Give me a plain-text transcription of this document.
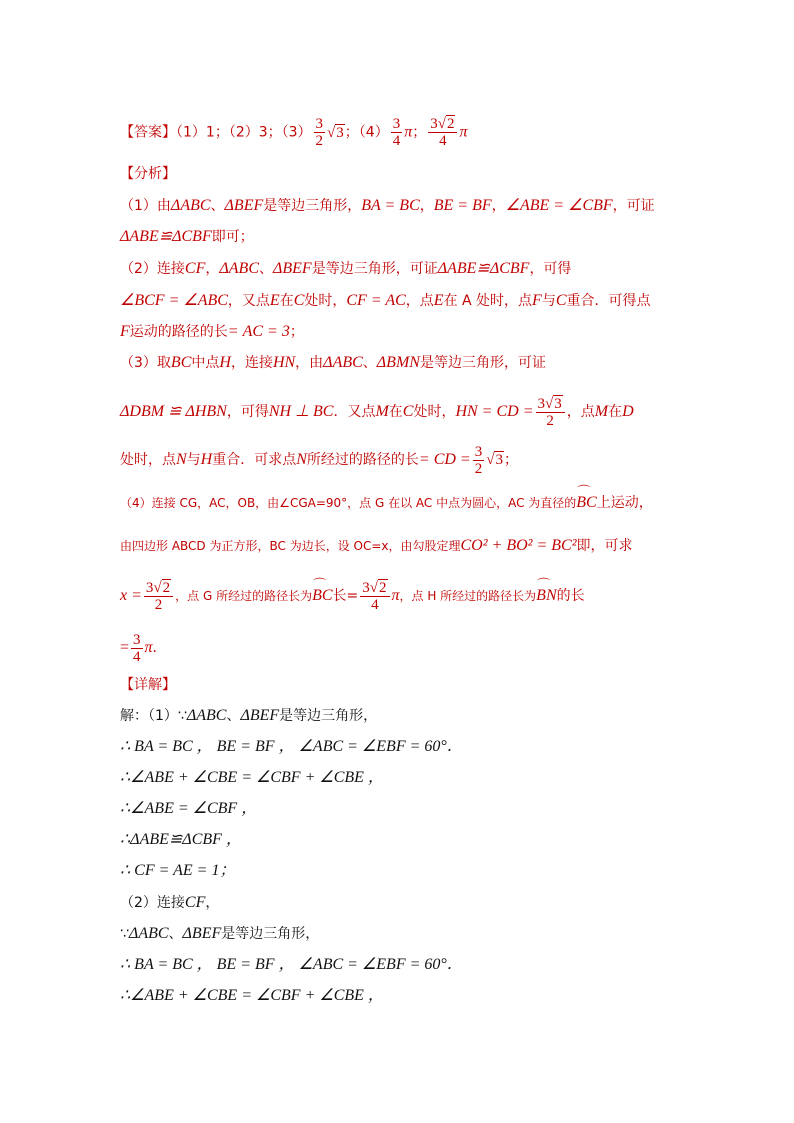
【答案】（1）1；（2）3；$(3) \frac{3}{2} √3$；$(4) \frac{3}{4}$ π； $\frac{3√2}{4}$ π
【分析】
（1）由ΔABC、ΔBEF是等边三角形，BA = BC，BE = BF，∠ABE = ∠CBF，可证
ΔABE≌ΔCBF即可；
（2）连接CF，ΔABC、ΔBEF是等边三角形，可证ΔABE≌ΔCBF，可得
∠BCF = ∠ABC，又点E在C处时，CF = AC，点E在 A 处时，点F与C重合．可得点
F运动的路径的长= AC = 3；
（3）取BC中点H，连接HN，由ΔABC、ΔBMN是等边三角形，可证
ΔDBM ≌ ΔHBN，可得NH ⊥ BC．又点M在C处时，HN = CD = $\frac{3√3}{2}$ ，点M在D
处时，点N与H重合．可求点N所经过的路径的长= CD = $\frac{3}{2} √3$；
（4）连接 CG，AC，OB，由∠CGA=90°，点 G 在以 AC 中点为圆心，AC 为直径的⌒ BC上运动，
由四边形 ABCD 为正方形，BC 为边长，设 OC=x，由勾股定理CO² + BO² = BC²即，可求
$x = \frac{3√2}{2}$ ，点 G 所经过的路径长为⌒ BC长= $\frac{3√2}{4}$ π，点 H 所经过的路径长为⌒ BN的长
= $\frac{3}{4}$ π．
【详解】
解：（1）∵ΔABC、ΔBEF是等边三角形，
∴ BA = BC ， BE = BF ， ∠ABC = ∠EBF = 60°．
∴∠ABE + ∠CBE = ∠CBF + ∠CBE ，
∴∠ABE = ∠CBF ，
∴ΔABE≌ΔCBF ，
∴ CF = AE = 1；
（2）连接CF，
∵ΔABC、ΔBEF是等边三角形，
∴ BA = BC ， BE = BF ， ∠ABC = ∠EBF = 60°．
∴∠ABE + ∠CBE = ∠CBF + ∠CBE ，
